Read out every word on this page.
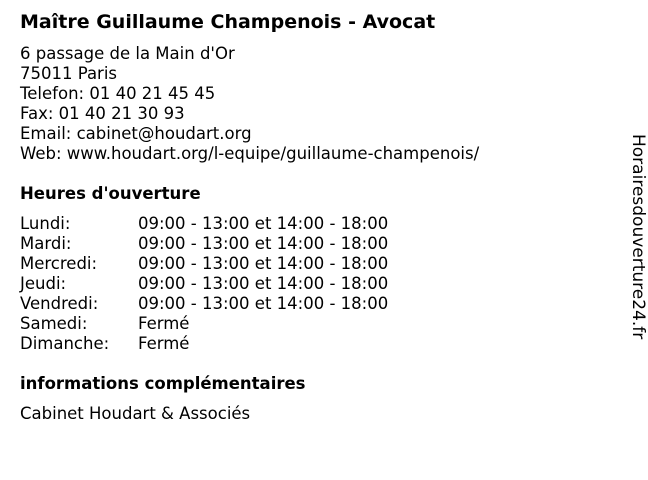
Maître Guillaume Champenois - Avocat
6 passage de la Main d'Or
75011 Paris
Telefon: 01 40 21 45 45
Fax: 01 40 21 30 93
Email: cabinet@houdart.org
Web: www.houdart.org/l-equipe/guillaume-champenois/
Heures d'ouverture
Lundi:	09:00 - 13:00 et 14:00 - 18:00
Mardi:	09:00 - 13:00 et 14:00 - 18:00
Mercredi: 09:00 - 13:00 et 14:00 - 18:00
Jeudi:	09:00 - 13:00 et 14:00 - 18:00
Vendredi: 09:00 - 13:00 et 14:00 - 18:00
Samedi:	Fermé
Dimanche: Fermé
informations complémentaires
Cabinet Houdart & Associés
Horairesdouverture24.fr
